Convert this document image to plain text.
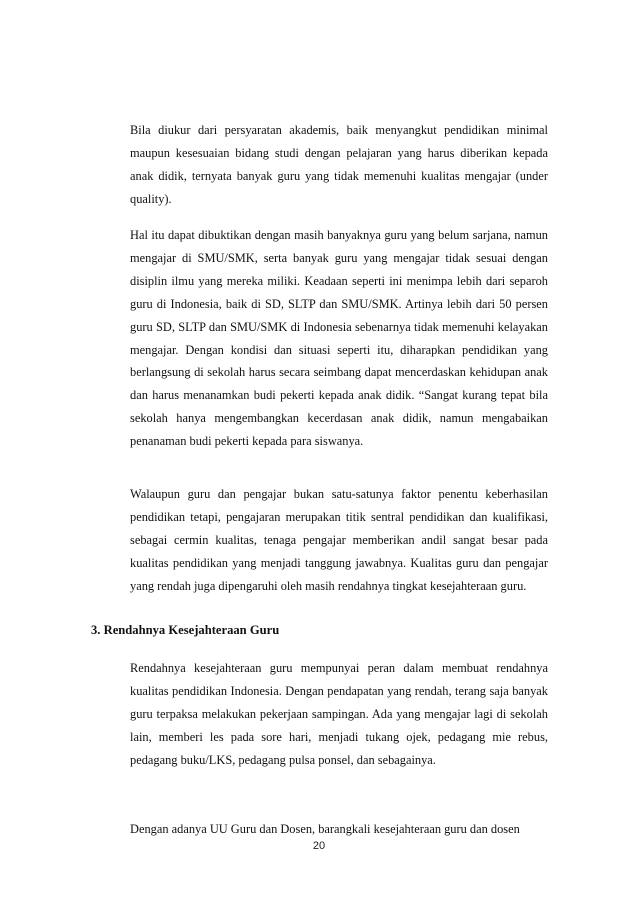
Bila diukur dari persyaratan akademis, baik menyangkut pendidikan minimal maupun kesesuaian bidang studi dengan pelajaran yang harus diberikan kepada anak didik, ternyata banyak guru yang tidak memenuhi kualitas mengajar (under quality).

Hal itu dapat dibuktikan dengan masih banyaknya guru yang belum sarjana, namun mengajar di SMU/SMK, serta banyak guru yang mengajar tidak sesuai dengan disiplin ilmu yang mereka miliki. Keadaan seperti ini menimpa lebih dari separoh guru di Indonesia, baik di SD, SLTP dan SMU/SMK. Artinya lebih dari 50 persen guru SD, SLTP dan SMU/SMK di Indonesia sebenarnya tidak memenuhi kelayakan mengajar. Dengan kondisi dan situasi seperti itu, diharapkan pendidikan yang berlangsung di sekolah harus secara seimbang dapat mencerdaskan kehidupan anak dan harus menanamkan budi pekerti kepada anak didik. “Sangat kurang tepat bila sekolah hanya mengembangkan kecerdasan anak didik, namun mengabaikan penanaman budi pekerti kepada para siswanya.

Walaupun guru dan pengajar bukan satu-satunya faktor penentu keberhasilan pendidikan tetapi, pengajaran merupakan titik sentral pendidikan dan kualifikasi, sebagai cermin kualitas, tenaga pengajar memberikan andil sangat besar pada kualitas pendidikan yang menjadi tanggung jawabnya. Kualitas guru dan pengajar yang rendah juga dipengaruhi oleh masih rendahnya tingkat kesejahteraan guru.

3. Rendahnya Kesejahteraan Guru

Rendahnya kesejahteraan guru mempunyai peran dalam membuat rendahnya kualitas pendidikan Indonesia. Dengan pendapatan yang rendah, terang saja banyak guru terpaksa melakukan pekerjaan sampingan. Ada yang mengajar lagi di sekolah lain, memberi les pada sore hari, menjadi tukang ojek, pedagang mie rebus, pedagang buku/LKS, pedagang pulsa ponsel, dan sebagainya.

Dengan adanya UU Guru dan Dosen, barangkali kesejahteraan guru dan dosen

20
